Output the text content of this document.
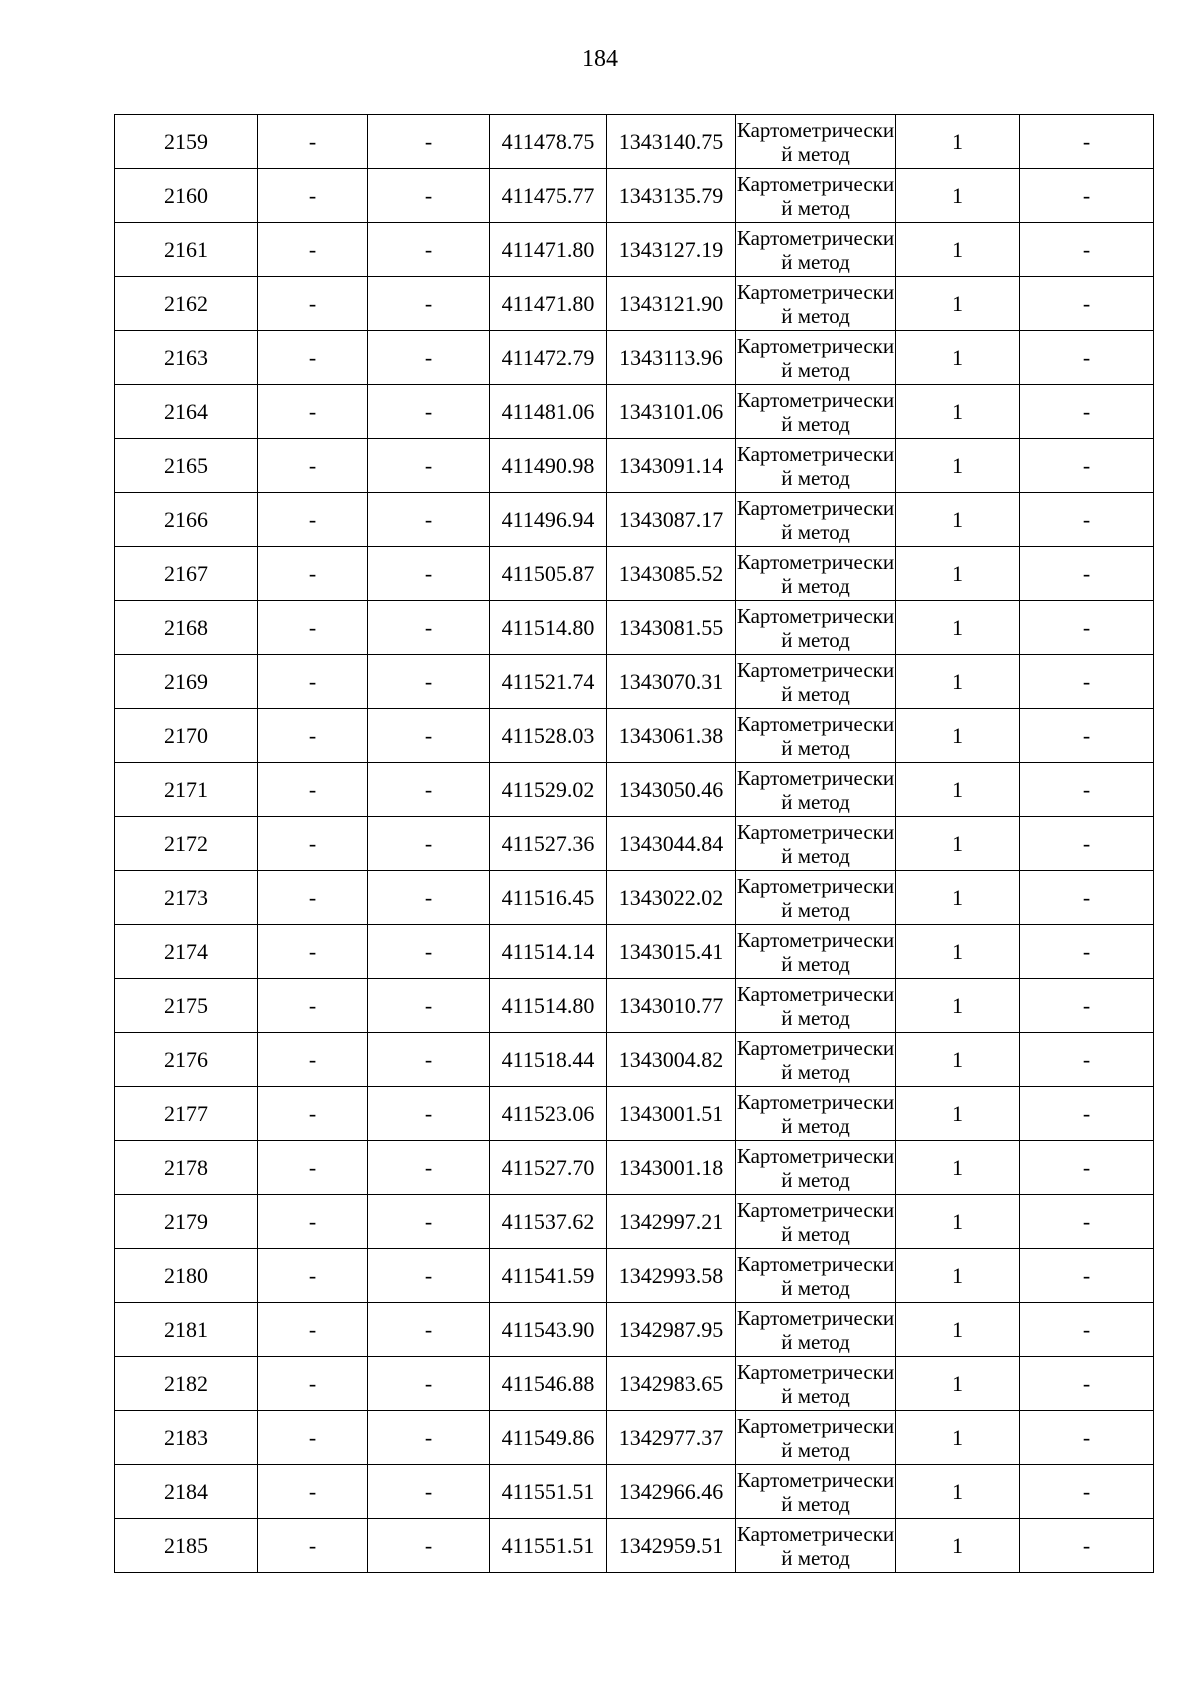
184
2159	-	-	411478.75	1343140.75	Картометрический метод	1	-
2160	-	-	411475.77	1343135.79	Картометрический метод	1	-
2161	-	-	411471.80	1343127.19	Картометрический метод	1	-
2162	-	-	411471.80	1343121.90	Картометрический метод	1	-
2163	-	-	411472.79	1343113.96	Картометрический метод	1	-
2164	-	-	411481.06	1343101.06	Картометрический метод	1	-
2165	-	-	411490.98	1343091.14	Картометрический метод	1	-
2166	-	-	411496.94	1343087.17	Картометрический метод	1	-
2167	-	-	411505.87	1343085.52	Картометрический метод	1	-
2168	-	-	411514.80	1343081.55	Картометрический метод	1	-
2169	-	-	411521.74	1343070.31	Картометрический метод	1	-
2170	-	-	411528.03	1343061.38	Картометрический метод	1	-
2171	-	-	411529.02	1343050.46	Картометрический метод	1	-
2172	-	-	411527.36	1343044.84	Картометрический метод	1	-
2173	-	-	411516.45	1343022.02	Картометрический метод	1	-
2174	-	-	411514.14	1343015.41	Картометрический метод	1	-
2175	-	-	411514.80	1343010.77	Картометрический метод	1	-
2176	-	-	411518.44	1343004.82	Картометрический метод	1	-
2177	-	-	411523.06	1343001.51	Картометрический метод	1	-
2178	-	-	411527.70	1343001.18	Картометрический метод	1	-
2179	-	-	411537.62	1342997.21	Картометрический метод	1	-
2180	-	-	411541.59	1342993.58	Картометрический метод	1	-
2181	-	-	411543.90	1342987.95	Картометрический метод	1	-
2182	-	-	411546.88	1342983.65	Картометрический метод	1	-
2183	-	-	411549.86	1342977.37	Картометрический метод	1	-
2184	-	-	411551.51	1342966.46	Картометрический метод	1	-
2185	-	-	411551.51	1342959.51	Картометрический метод	1	-
